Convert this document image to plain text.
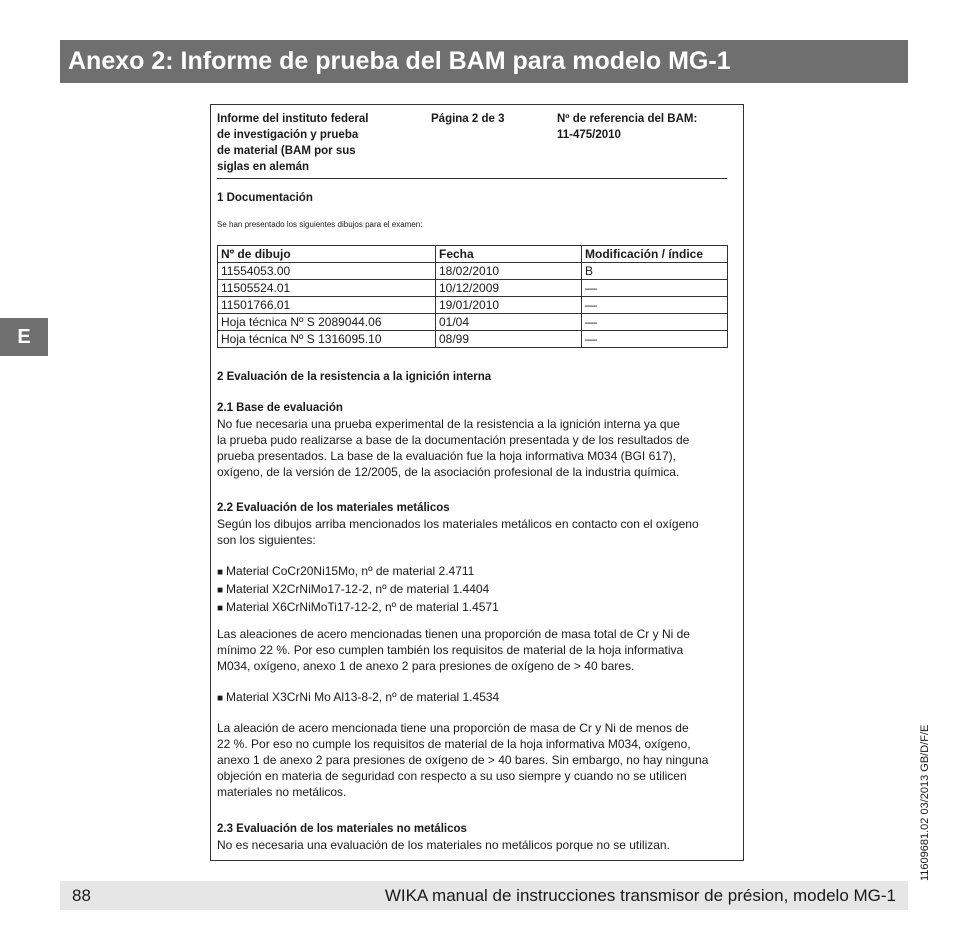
Anexo 2: Informe de prueba del BAM para modelo MG-1
E
Informe del instituto federal
de investigación y prueba
de material (BAM por sus
siglas en alemán
Página 2 de 3	Nº de referencia del BAM:
11-475/2010
1 Documentación
Se han presentado los siguientes dibujos para el examen:
Nº de dibujo	Fecha	Modificación / índice
11554053.00	18/02/2010	B
11505524.01	10/12/2009	—
11501766.01	19/01/2010	—
Hoja técnica Nº S 2089044.06	01/04	—
Hoja técnica Nº S 1316095.10	08/99	—
2 Evaluación de la resistencia a la ignición interna
2.1 Base de evaluación
No fue necesaria una prueba experimental de la resistencia a la ignición interna ya que
la prueba pudo realizarse a base de la documentación presentada y de los resultados de
prueba presentados. La base de la evaluación fue la hoja informativa M034 (BGI 617),
oxígeno, de la versión de 12/2005, de la asociación profesional de la industria química.
2.2 Evaluación de los materiales metálicos
Según los dibujos arriba mencionados los materiales metálicos en contacto con el oxígeno
son los siguientes:
■ Material CoCr20Ni15Mo, nº de material 2.4711
■ Material X2CrNiMo17-12-2, nº de material 1.4404
■ Material X6CrNiMoTi17-12-2, nº de material 1.4571
Las aleaciones de acero mencionadas tienen una proporción de masa total de Cr y Ni de
mínimo 22 %. Por eso cumplen también los requisitos de material de la hoja informativa
M034, oxígeno, anexo 1 de anexo 2 para presiones de oxígeno de > 40 bares.
■ Material X3CrNi Mo Al13-8-2, nº de material 1.4534
La aleación de acero mencionada tiene una proporción de masa de Cr y Ni de menos de
22 %. Por eso no cumple los requisitos de material de la hoja informativa M034, oxígeno,
anexo 1 de anexo 2 para presiones de oxígeno de > 40 bares. Sin embargo, no hay ninguna
objeción en materia de seguridad con respecto a su uso siempre y cuando no se utilicen
materiales no metálicos.
2.3 Evaluación de los materiales no metálicos
No es necesaria una evaluación de los materiales no metálicos porque no se utilizan.
88	WIKA manual de instrucciones transmisor de présion, modelo MG-1
11609681.02 03/2013 GB/D/F/E
